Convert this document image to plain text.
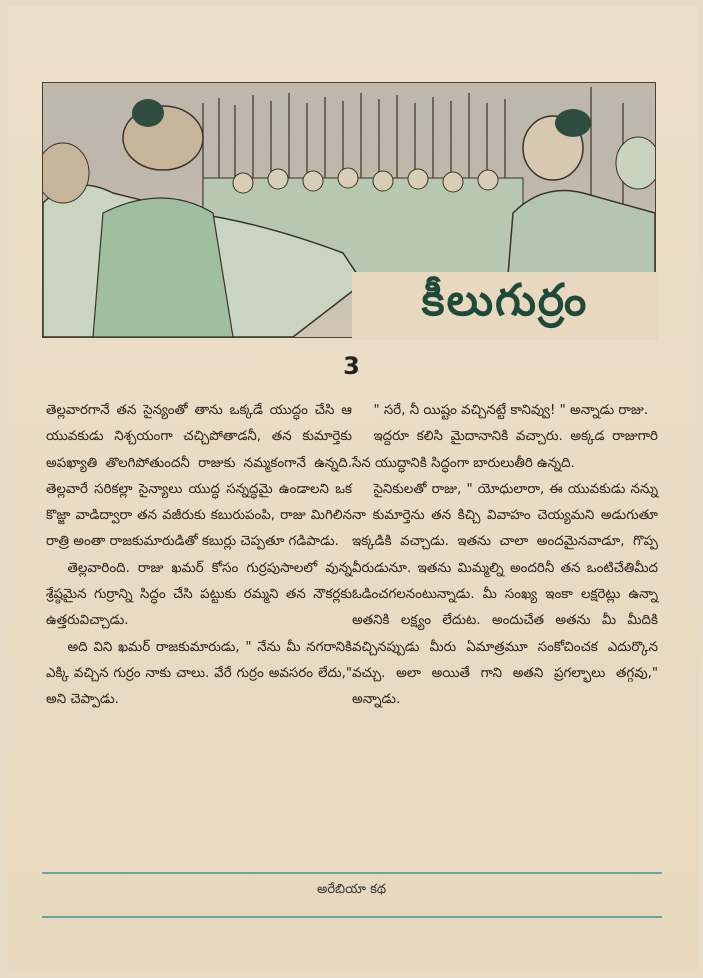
కీలుగుర్రం
3

తెల్లవారగానే తన సైన్యంతో తాను ఒక్కడే యుద్ధం చేసి ఆ యువకుడు నిశ్చయంగా చచ్చిపోతాడనీ, తన కుమార్తెకు అపఖ్యాతి తొలగిపోతుందనీ రాజుకు నమ్మకంగానే ఉన్నది. తెల్లవారే సరికల్లా సైన్యాలు యుద్ధ సన్నద్ధమై ఉండాలని ఒక కొజ్జా వాడిద్వారా తన వజీరుకు కబురుపంపి, రాజు మిగిలిన రాత్రి అంతా రాజకుమారుడితో కబుర్లు చెప్పతూ గడిపాడు.

తెల్లవారింది. రాజు ఖమర్ కోసం గుర్రపుసాలలో వున్న శ్రేష్ఠమైన గుర్రాన్ని సిద్ధం చేసి పట్టుకు రమ్మని తన నౌకర్లకు ఉత్తరువిచ్చాడు.

అది విని ఖమర్ రాజకుమారుడు, " నేను మీ నగరానికి ఎక్కి వచ్చిన గుర్రం నాకు చాలు. వేరే గుర్రం అవసరం లేదు," అని చెప్పాడు.

" సరే, నీ యిష్టం వచ్చినట్టే కానివ్వు! " అన్నాడు రాజు.

ఇద్దరూ కలిసి మైదానానికి వచ్చారు. అక్కడ రాజుగారి సేన యుద్ధానికి సిద్ధంగా బారులుతీరి ఉన్నది.

సైనికులతో రాజు, " యోధులారా, ఈ యువకుడు నన్ను నా కుమార్తెను తన కిచ్చి వివాహం చెయ్యమని అడుగుతూ ఇక్కడికి వచ్చాడు. ఇతను చాలా అందమైనవాడూ, గొప్ప వీరుడునూ. ఇతను మిమ్మల్ని అందరినీ తన ఒంటిచేతిమీద ఓడించగలనంటున్నాడు. మీ సంఖ్య ఇంకా లక్షరెట్లు ఉన్నా అతనికి లక్ష్యం లేదుట. అందుచేత అతను మీ మీదికి వచ్చినప్పుడు మీరు ఏమాత్రమూ సంకోచించక ఎదుర్కొన వచ్చు. అలా అయితే గాని అతని ప్రగల్భాలు తగ్గవు," అన్నాడు.

అరేబియా కథ
